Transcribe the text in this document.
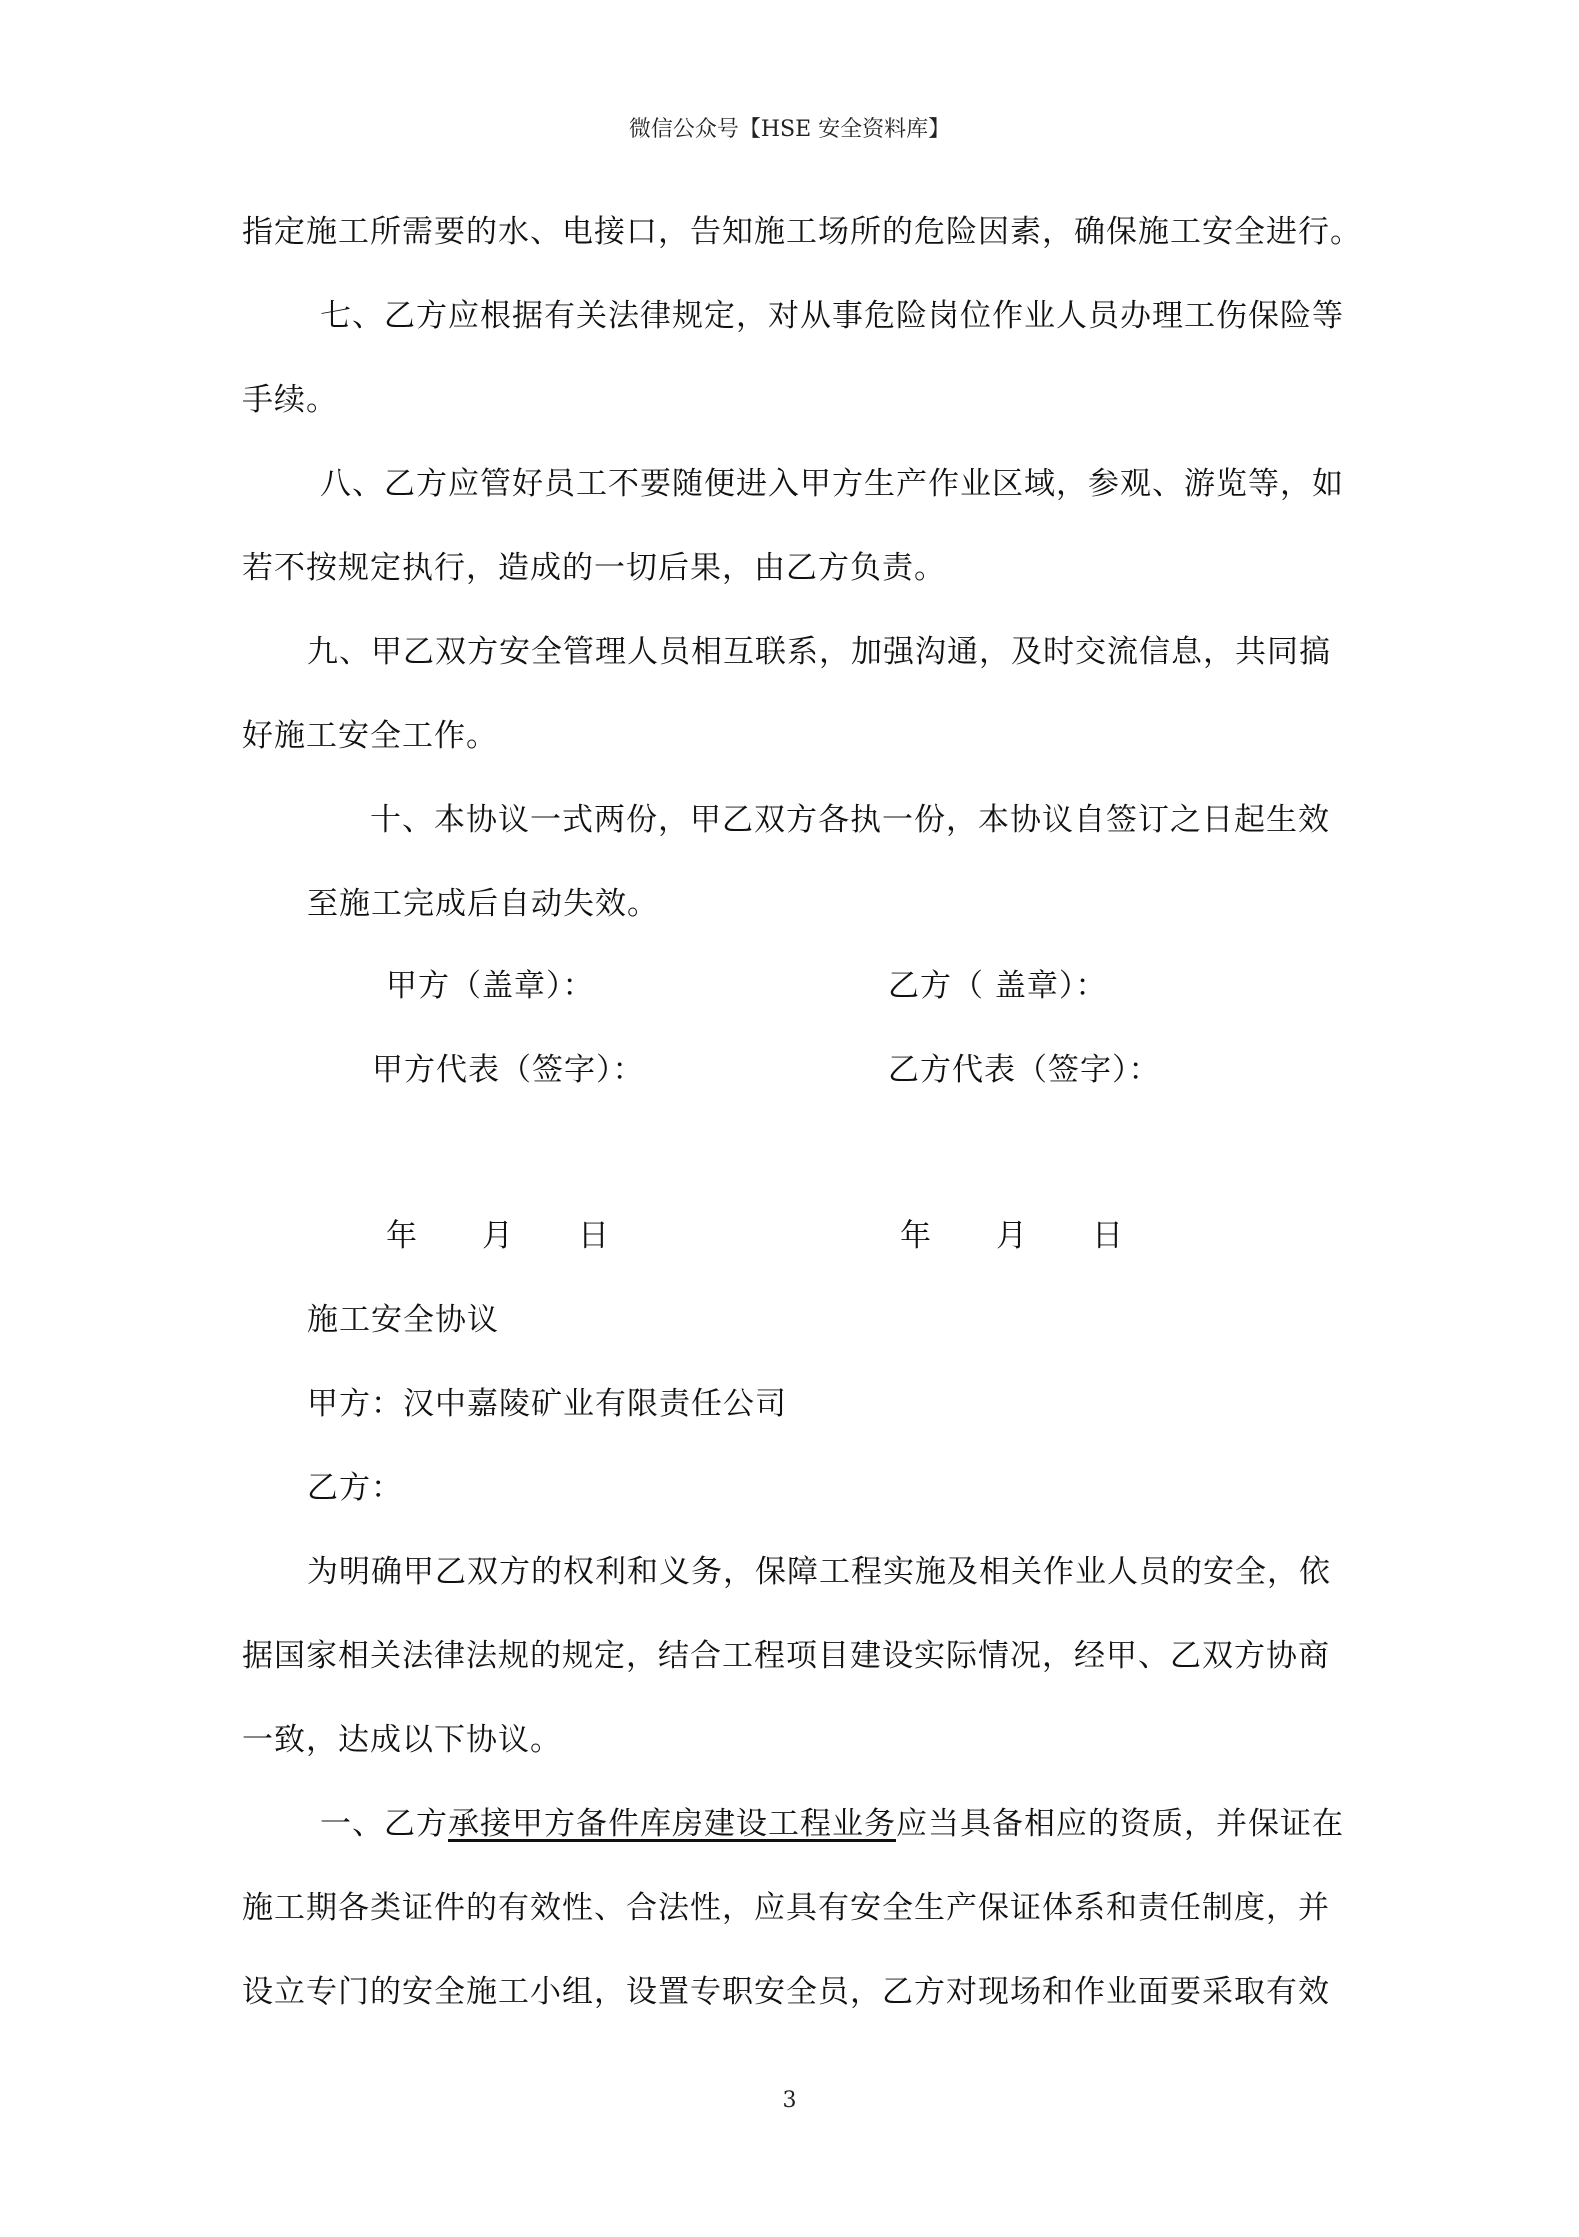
微信公众号【HSE 安全资料库】
指定施工所需要的水、电接口，告知施工场所的危险因素，确保施工安全进行。
七、乙方应根据有关法律规定，对从事危险岗位作业人员办理工伤保险等
手续。
八、乙方应管好员工不要随便进入甲方生产作业区域，参观、游览等，如
若不按规定执行，造成的一切后果，由乙方负责。
九、甲乙双方安全管理人员相互联系，加强沟通，及时交流信息，共同搞
好施工安全工作。
十、本协议一式两份，甲乙双方各执一份，本协议自签订之日起生效
至施工完成后自动失效。
甲方（盖章）：	乙方（ 盖章）：
甲方代表（签字）：	乙方代表（签字）：
年　　月　　日	年　　月　　日
施工安全协议
甲方：汉中嘉陵矿业有限责任公司
乙方：
为明确甲乙双方的权利和义务，保障工程实施及相关作业人员的安全，依
据国家相关法律法规的规定，结合工程项目建设实际情况，经甲、乙双方协商
一致，达成以下协议。
一、乙方承接甲方备件库房建设工程业务应当具备相应的资质，并保证在
施工期各类证件的有效性、合法性，应具有安全生产保证体系和责任制度，并
设立专门的安全施工小组，设置专职安全员，乙方对现场和作业面要采取有效
3
